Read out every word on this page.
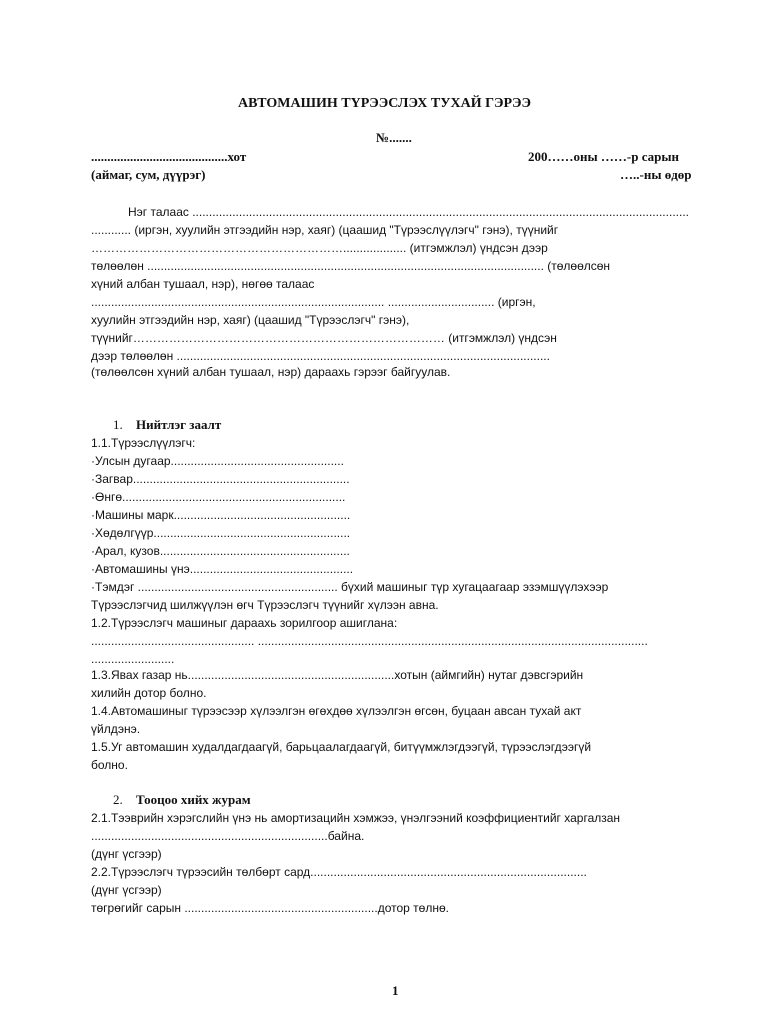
АВТОМАШИН ТҮРЭЭСЛЭХ ТУХАЙ ГЭРЭЭ
№.......
..........................................хот	200……оны ……-р сарын
(аймаг, сум, дүүрэг)	…..-ны өдөр
Нэг талаас .....................................................................................................................................................
............ (иргэн, хуулийн этгээдийн нэр, хаяг) (цаашид "Түрээслүүлэгч" гэнэ), түүнийг
………………………………………………………................... (итгэмжлэл) үндсэн дээр
төлөөлөн ....................................................................................................................... (төлөөлсөн
хүний албан тушаал, нэр), нөгөө талаас
........................................................................................ ................................ (иргэн,
хуулийн этгээдийн нэр, хаяг) (цаашид "Түрээслэгч" гэнэ),
түүнийг…………………………………………………………………… (итгэмжлэл) үндсэн
дээр төлөөлөн ................................................................................................................
(төлөөлсөн хүний албан тушаал, нэр) дараахь гэрээг байгуулав.
1. Нийтлэг заалт
1.1.Түрээслүүлэгч:
·Улсын дугаар....................................................
·Загвар.................................................................
·Өнгө...................................................................
·Машины марк.....................................................
·Хөдөлгүүр...........................................................
·Арал, кузов.........................................................
·Автомашины үнэ.................................................
·Тэмдэг ............................................................ бүхий машиныг түр хугацаагаар эзэмшүүлэхээр
Түрээслэгчид шилжүүлэн өгч Түрээслэгч түүнийг хүлээн авна.
1.2.Түрээслэгч машиныг дараахь зорилгоор ашиглана:
................................................. .....................................................................................................................
.........................
1.3.Явах газар нь..............................................................хотын (аймгийн) нутаг дэвсгэрийн
хилийн дотор болно.
1.4.Автомашиныг түрээсээр хүлээлгэн өгөхдөө хүлээлгэн өгсөн, буцаан авсан тухай акт
үйлдэнэ.
1.5.Уг автомашин худалдагдаагүй, барьцаалагдаагүй, битүүмжлэгдээгүй, түрээслэгдээгүй
болно.
2. Тооцоо хийх журам
2.1.Тээврийн хэрэгслийн үнэ нь амортизацийн хэмжээ, үнэлгээний коэффициентийг харгалзан
.......................................................................байна.
(дүнг үсгээр)
2.2.Түрээслэгч түрээсийн төлбөрт сард...................................................................................
(дүнг үсгээр)
төгрөгийг сарын ..........................................................дотор төлнө.
1
